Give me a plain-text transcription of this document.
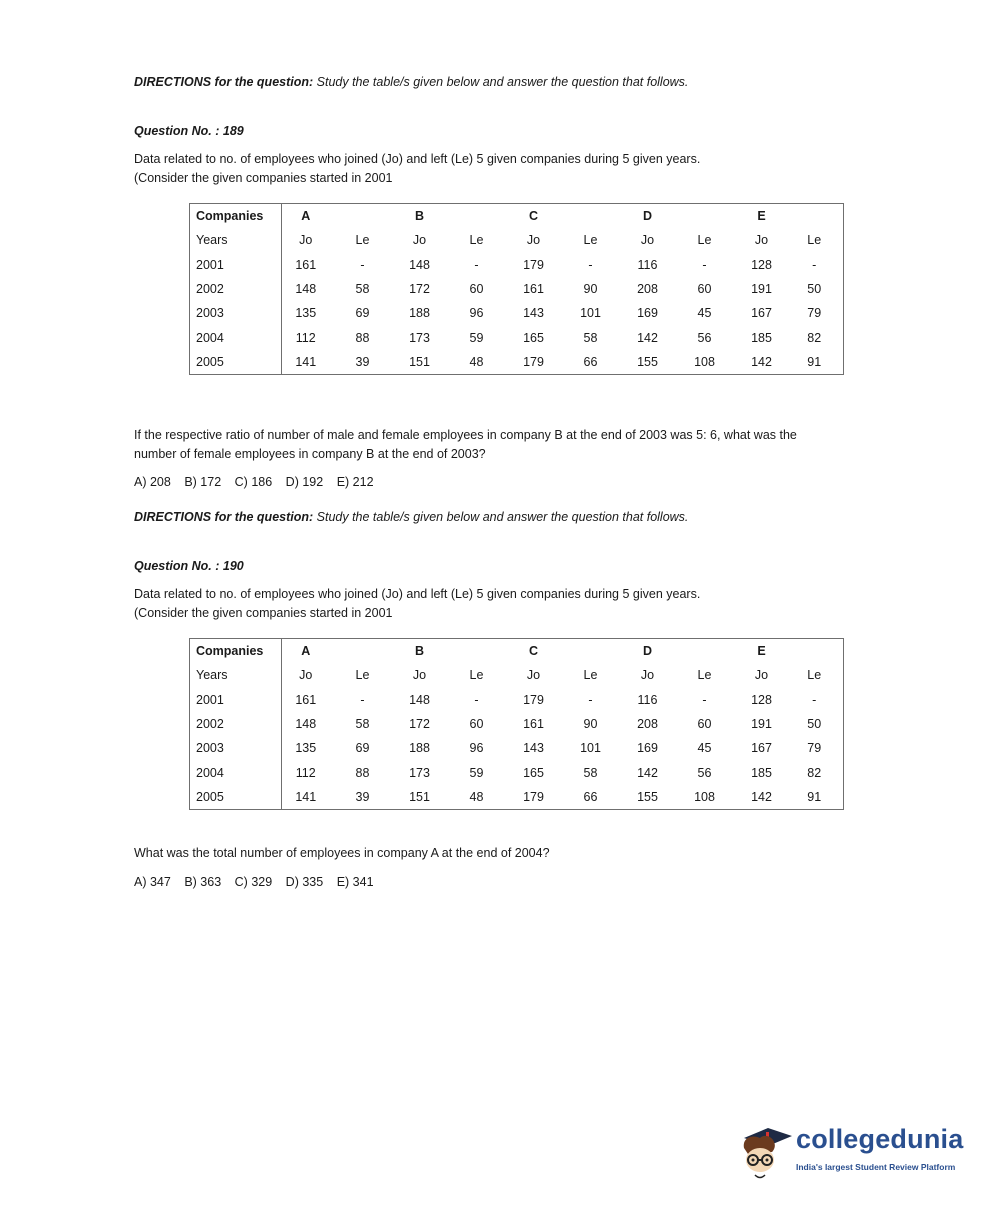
DIRECTIONS for the question: Study the table/s given below and answer the question that follows.
Question No. : 189
Data related to no. of employees who joined (Jo) and left (Le) 5 given companies during 5 given years.
(Consider the given companies started in 2001
Companies	A		B		C		D		E	
Years	Jo	Le	Jo	Le	Jo	Le	Jo	Le	Jo	Le
2001	161	-	148	-	179	-	116	-	128	-
2002	148	58	172	60	161	90	208	60	191	50
2003	135	69	188	96	143	101	169	45	167	79
2004	112	88	173	59	165	58	142	56	185	82
2005	141	39	151	48	179	66	155	108	142	91
If the respective ratio of number of male and female employees in company B at the end of 2003 was 5: 6, what was the
number of female employees in company B at the end of 2003?
A) 208 B) 172 C) 186 D) 192 E) 212
DIRECTIONS for the question: Study the table/s given below and answer the question that follows.
Question No. : 190
Data related to no. of employees who joined (Jo) and left (Le) 5 given companies during 5 given years.
(Consider the given companies started in 2001
Companies	A		B		C		D		E	
Years	Jo	Le	Jo	Le	Jo	Le	Jo	Le	Jo	Le
2001	161	-	148	-	179	-	116	-	128	-
2002	148	58	172	60	161	90	208	60	191	50
2003	135	69	188	96	143	101	169	45	167	79
2004	112	88	173	59	165	58	142	56	185	82
2005	141	39	151	48	179	66	155	108	142	91
What was the total number of employees in company A at the end of 2004?
A) 347 B) 363 C) 329 D) 335 E) 341
collegedunia
India's largest Student Review Platform
